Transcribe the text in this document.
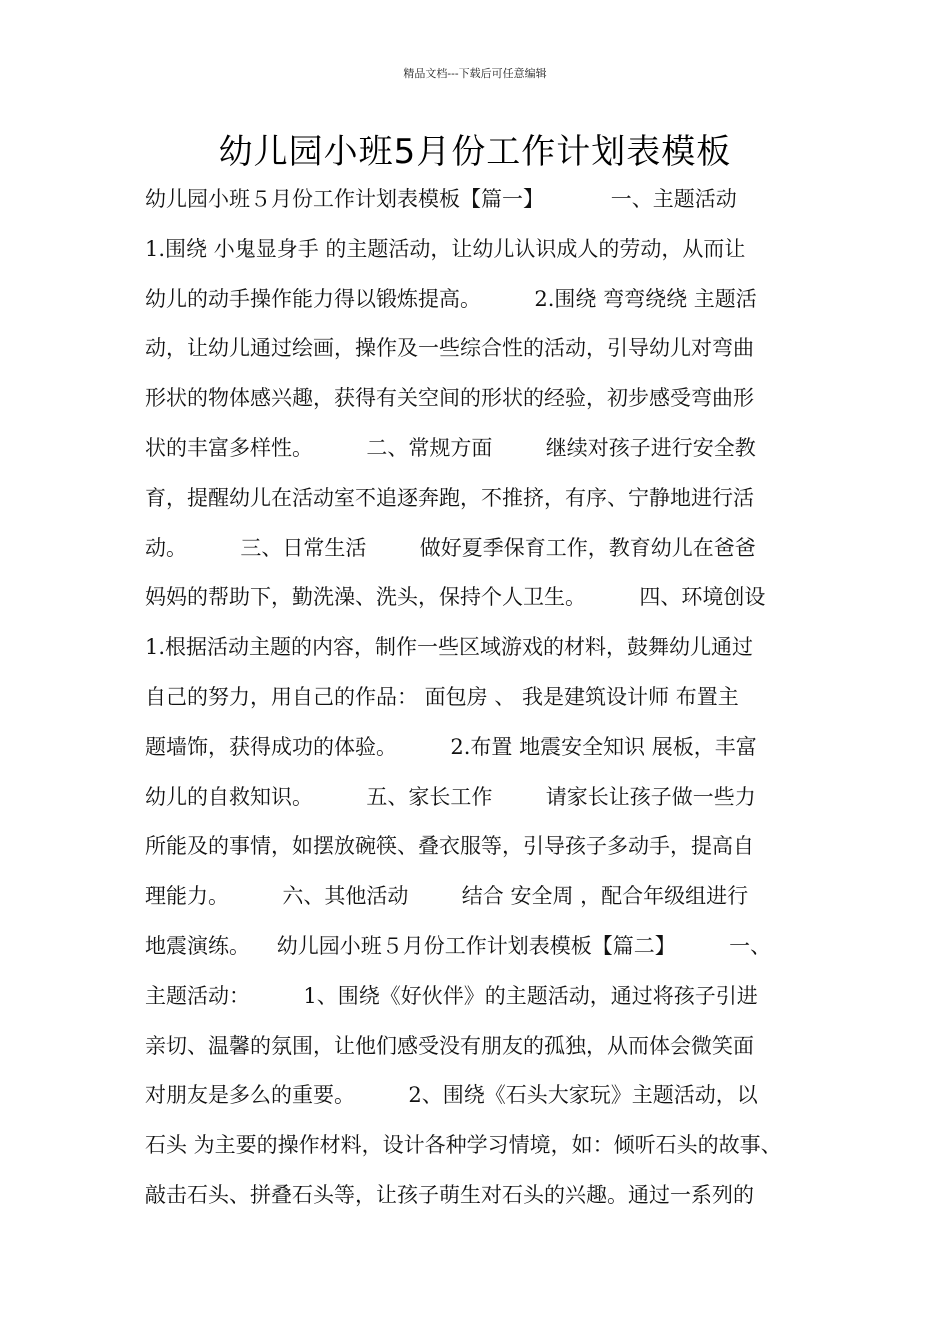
精品文档---下载后可任意编辑
幼儿园小班5月份工作计划表模板
幼儿园小班５月份工作计划表模板【篇一】          一、主题活动
1.围绕 小鬼显身手 的主题活动，让幼儿认识成人的劳动，从而让
幼儿的动手操作能力得以锻炼提高。        2.围绕 弯弯绕绕 主题活
动，让幼儿通过绘画，操作及一些综合性的活动，引导幼儿对弯曲
形状的物体感兴趣，获得有关空间的形状的经验，初步感受弯曲形
状的丰富多样性。        二、常规方面        继续对孩子进行安全教
育，提醒幼儿在活动室不追逐奔跑，不推挤，有序、宁静地进行活
动。        三、日常生活        做好夏季保育工作，教育幼儿在爸爸
妈妈的帮助下，勤洗澡、洗头，保持个人卫生。        四、环境创设
1.根据活动主题的内容，制作一些区域游戏的材料，鼓舞幼儿通过
自己的努力，用自己的作品： 面包房 、 我是建筑设计师 布置主
题墙饰，获得成功的体验。        2.布置 地震安全知识 展板，丰富
幼儿的自救知识。        五、家长工作        请家长让孩子做一些力
所能及的事情，如摆放碗筷、叠衣服等，引导孩子多动手，提高自
理能力。        六、其他活动        结合 安全周 ，配合年级组进行
地震演练。    幼儿园小班５月份工作计划表模板【篇二】        一、
主题活动：        1、围绕《好伙伴》的主题活动，通过将孩子引进
亲切、温馨的氛围，让他们感受没有朋友的孤独，从而体会微笑面
对朋友是多么的重要。        2、围绕《石头大家玩》主题活动，以
石头 为主要的操作材料，设计各种学习情境，如：倾听石头的故事、
敲击石头、拼叠石头等，让孩子萌生对石头的兴趣。通过一系列的
